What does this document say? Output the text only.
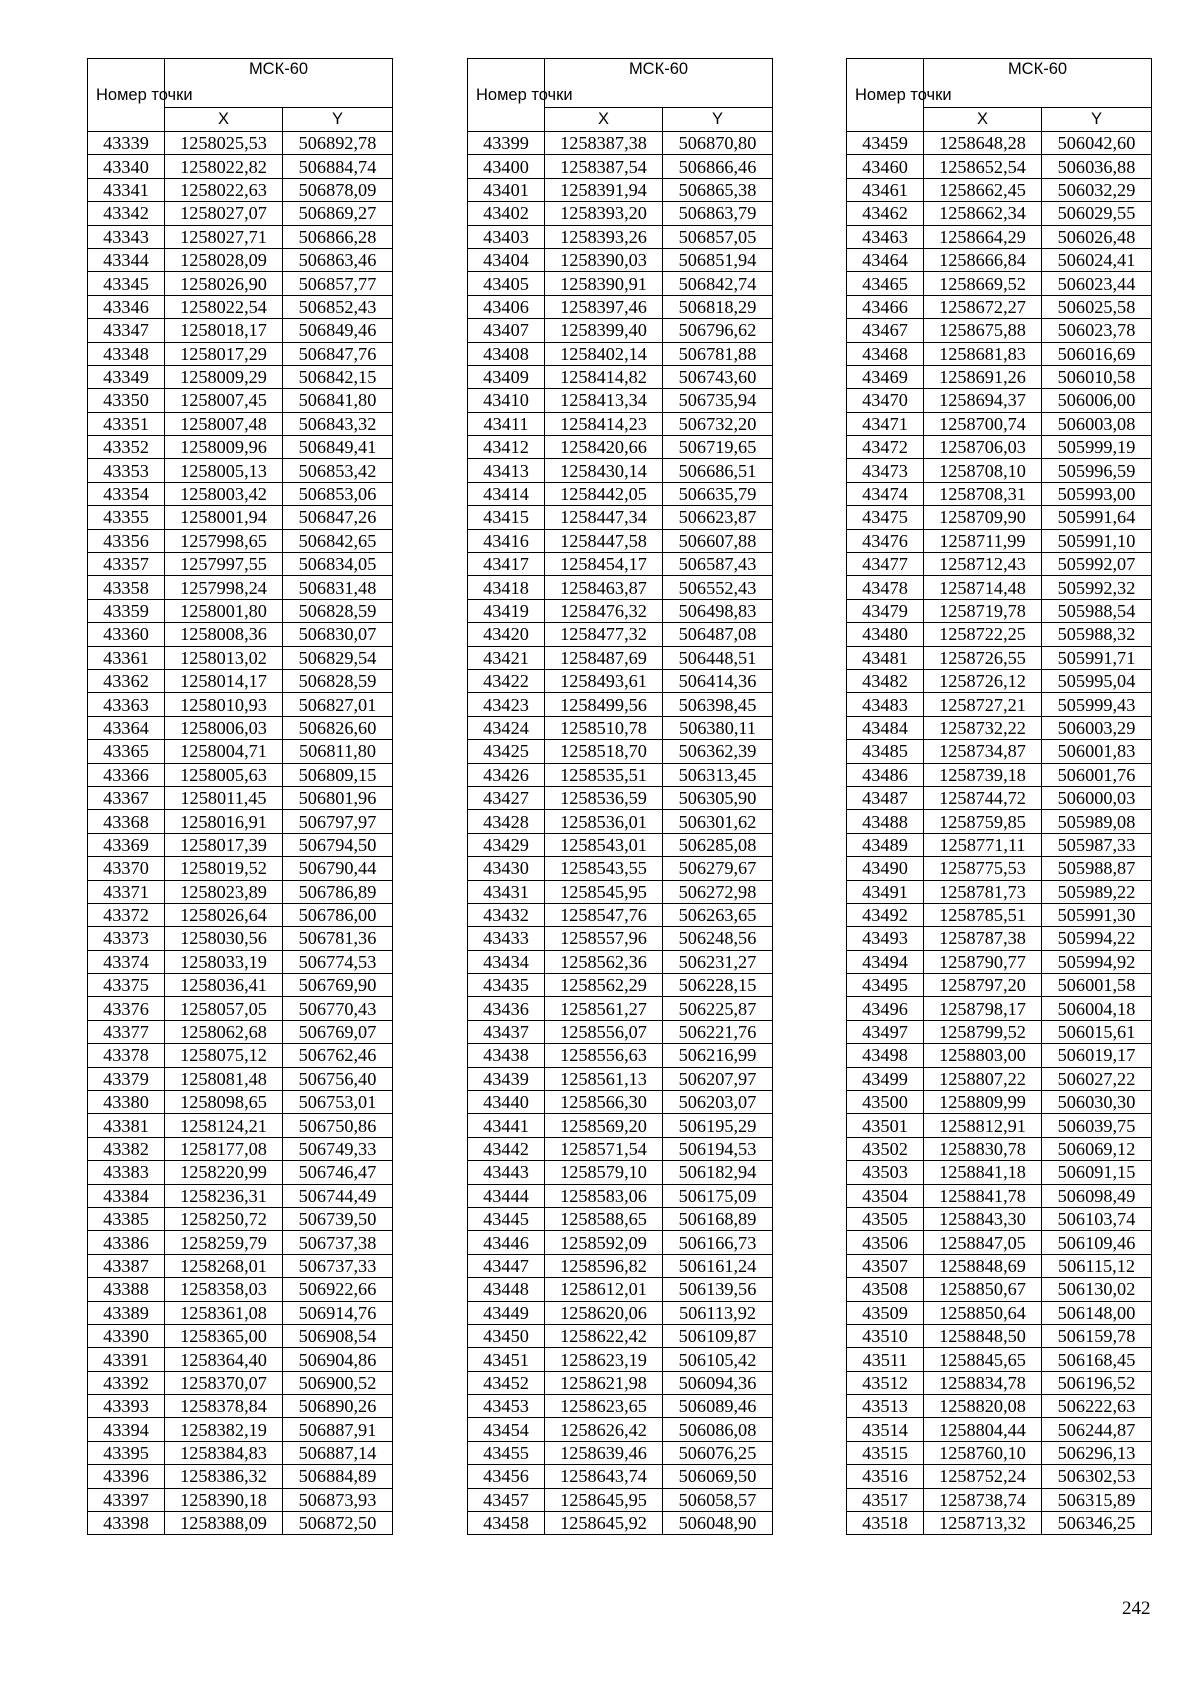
Номер точки	МСК-60	
	X	Y
43339	1258025,53	506892,78
43340	1258022,82	506884,74
43341	1258022,63	506878,09
43342	1258027,07	506869,27
43343	1258027,71	506866,28
43344	1258028,09	506863,46
43345	1258026,90	506857,77
43346	1258022,54	506852,43
43347	1258018,17	506849,46
43348	1258017,29	506847,76
43349	1258009,29	506842,15
43350	1258007,45	506841,80
43351	1258007,48	506843,32
43352	1258009,96	506849,41
43353	1258005,13	506853,42
43354	1258003,42	506853,06
43355	1258001,94	506847,26
43356	1257998,65	506842,65
43357	1257997,55	506834,05
43358	1257998,24	506831,48
43359	1258001,80	506828,59
43360	1258008,36	506830,07
43361	1258013,02	506829,54
43362	1258014,17	506828,59
43363	1258010,93	506827,01
43364	1258006,03	506826,60
43365	1258004,71	506811,80
43366	1258005,63	506809,15
43367	1258011,45	506801,96
43368	1258016,91	506797,97
43369	1258017,39	506794,50
43370	1258019,52	506790,44
43371	1258023,89	506786,89
43372	1258026,64	506786,00
43373	1258030,56	506781,36
43374	1258033,19	506774,53
43375	1258036,41	506769,90
43376	1258057,05	506770,43
43377	1258062,68	506769,07
43378	1258075,12	506762,46
43379	1258081,48	506756,40
43380	1258098,65	506753,01
43381	1258124,21	506750,86
43382	1258177,08	506749,33
43383	1258220,99	506746,47
43384	1258236,31	506744,49
43385	1258250,72	506739,50
43386	1258259,79	506737,38
43387	1258268,01	506737,33
43388	1258358,03	506922,66
43389	1258361,08	506914,76
43390	1258365,00	506908,54
43391	1258364,40	506904,86
43392	1258370,07	506900,52
43393	1258378,84	506890,26
43394	1258382,19	506887,91
43395	1258384,83	506887,14
43396	1258386,32	506884,89
43397	1258390,18	506873,93
43398	1258388,09	506872,50
Номер точки	МСК-60	
	X	Y
43399	1258387,38	506870,80
43400	1258387,54	506866,46
43401	1258391,94	506865,38
43402	1258393,20	506863,79
43403	1258393,26	506857,05
43404	1258390,03	506851,94
43405	1258390,91	506842,74
43406	1258397,46	506818,29
43407	1258399,40	506796,62
43408	1258402,14	506781,88
43409	1258414,82	506743,60
43410	1258413,34	506735,94
43411	1258414,23	506732,20
43412	1258420,66	506719,65
43413	1258430,14	506686,51
43414	1258442,05	506635,79
43415	1258447,34	506623,87
43416	1258447,58	506607,88
43417	1258454,17	506587,43
43418	1258463,87	506552,43
43419	1258476,32	506498,83
43420	1258477,32	506487,08
43421	1258487,69	506448,51
43422	1258493,61	506414,36
43423	1258499,56	506398,45
43424	1258510,78	506380,11
43425	1258518,70	506362,39
43426	1258535,51	506313,45
43427	1258536,59	506305,90
43428	1258536,01	506301,62
43429	1258543,01	506285,08
43430	1258543,55	506279,67
43431	1258545,95	506272,98
43432	1258547,76	506263,65
43433	1258557,96	506248,56
43434	1258562,36	506231,27
43435	1258562,29	506228,15
43436	1258561,27	506225,87
43437	1258556,07	506221,76
43438	1258556,63	506216,99
43439	1258561,13	506207,97
43440	1258566,30	506203,07
43441	1258569,20	506195,29
43442	1258571,54	506194,53
43443	1258579,10	506182,94
43444	1258583,06	506175,09
43445	1258588,65	506168,89
43446	1258592,09	506166,73
43447	1258596,82	506161,24
43448	1258612,01	506139,56
43449	1258620,06	506113,92
43450	1258622,42	506109,87
43451	1258623,19	506105,42
43452	1258621,98	506094,36
43453	1258623,65	506089,46
43454	1258626,42	506086,08
43455	1258639,46	506076,25
43456	1258643,74	506069,50
43457	1258645,95	506058,57
43458	1258645,92	506048,90
Номер точки	МСК-60	
	X	Y
43459	1258648,28	506042,60
43460	1258652,54	506036,88
43461	1258662,45	506032,29
43462	1258662,34	506029,55
43463	1258664,29	506026,48
43464	1258666,84	506024,41
43465	1258669,52	506023,44
43466	1258672,27	506025,58
43467	1258675,88	506023,78
43468	1258681,83	506016,69
43469	1258691,26	506010,58
43470	1258694,37	506006,00
43471	1258700,74	506003,08
43472	1258706,03	505999,19
43473	1258708,10	505996,59
43474	1258708,31	505993,00
43475	1258709,90	505991,64
43476	1258711,99	505991,10
43477	1258712,43	505992,07
43478	1258714,48	505992,32
43479	1258719,78	505988,54
43480	1258722,25	505988,32
43481	1258726,55	505991,71
43482	1258726,12	505995,04
43483	1258727,21	505999,43
43484	1258732,22	506003,29
43485	1258734,87	506001,83
43486	1258739,18	506001,76
43487	1258744,72	506000,03
43488	1258759,85	505989,08
43489	1258771,11	505987,33
43490	1258775,53	505988,87
43491	1258781,73	505989,22
43492	1258785,51	505991,30
43493	1258787,38	505994,22
43494	1258790,77	505994,92
43495	1258797,20	506001,58
43496	1258798,17	506004,18
43497	1258799,52	506015,61
43498	1258803,00	506019,17
43499	1258807,22	506027,22
43500	1258809,99	506030,30
43501	1258812,91	506039,75
43502	1258830,78	506069,12
43503	1258841,18	506091,15
43504	1258841,78	506098,49
43505	1258843,30	506103,74
43506	1258847,05	506109,46
43507	1258848,69	506115,12
43508	1258850,67	506130,02
43509	1258850,64	506148,00
43510	1258848,50	506159,78
43511	1258845,65	506168,45
43512	1258834,78	506196,52
43513	1258820,08	506222,63
43514	1258804,44	506244,87
43515	1258760,10	506296,13
43516	1258752,24	506302,53
43517	1258738,74	506315,89
43518	1258713,32	506346,25
242
